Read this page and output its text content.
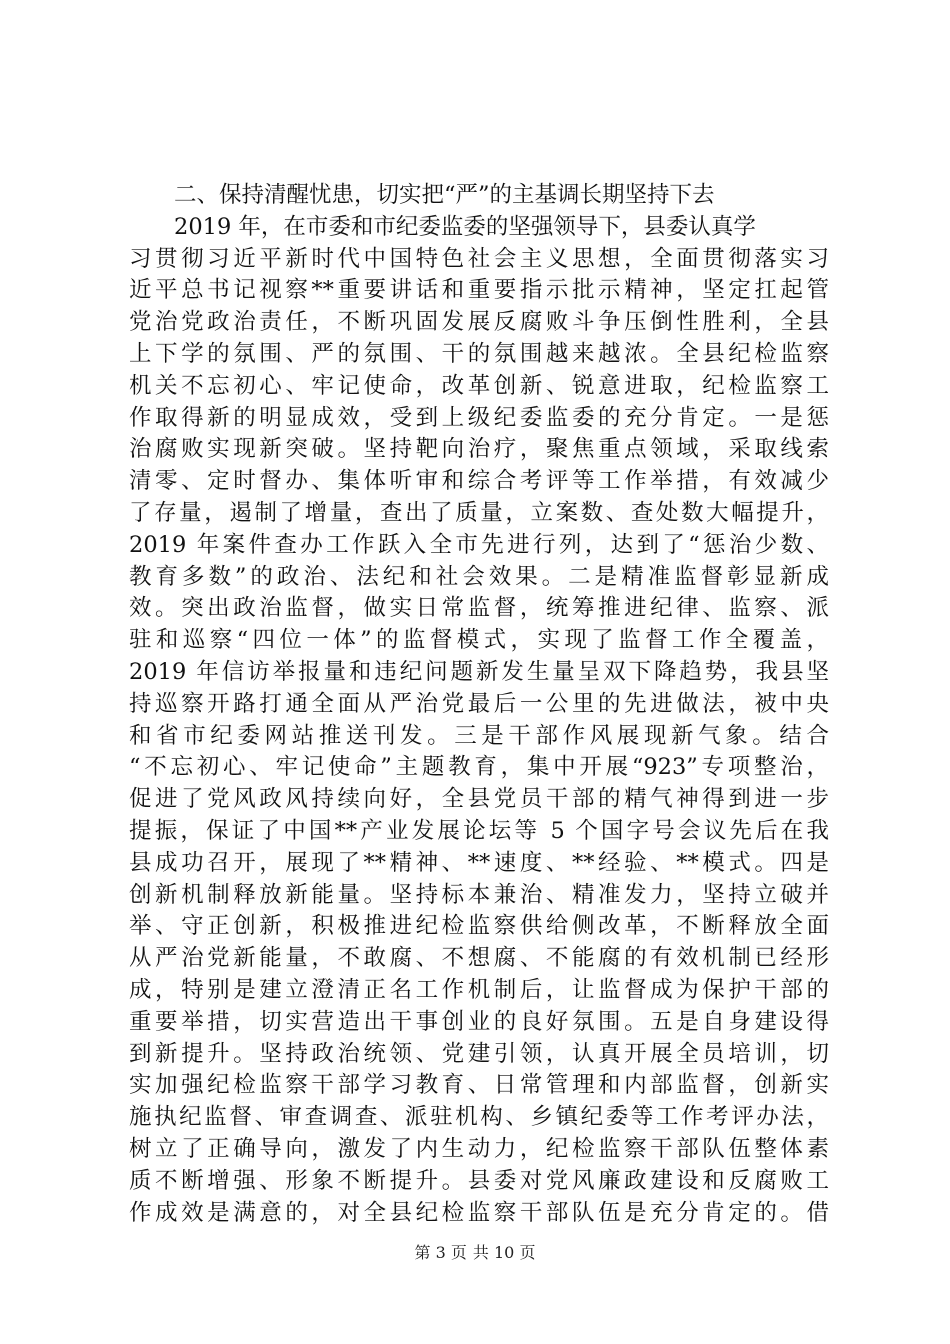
二、保持清醒忧患，切实把“严”的主基调长期坚持下去
2019 年，在市委和市纪委监委的坚强领导下，县委认真学
习贯彻习近平新时代中国特色社会主义思想，全面贯彻落实习
近平总书记视察**重要讲话和重要指示批示精神，坚定扛起管
党治党政治责任，不断巩固发展反腐败斗争压倒性胜利，全县
上下学的氛围、严的氛围、干的氛围越来越浓。全县纪检监察
机关不忘初心、牢记使命，改革创新、锐意进取，纪检监察工
作取得新的明显成效，受到上级纪委监委的充分肯定。一是惩
治腐败实现新突破。坚持靶向治疗，聚焦重点领域，采取线索
清零、定时督办、集体听审和综合考评等工作举措，有效减少
了存量，遏制了增量，查出了质量，立案数、查处数大幅提升，
2019 年案件查办工作跃入全市先进行列，达到了“惩治少数、
教育多数”的政治、法纪和社会效果。二是精准监督彰显新成
效。突出政治监督，做实日常监督，统筹推进纪律、监察、派
驻和巡察“四位一体”的监督模式，实现了监督工作全覆盖，
2019 年信访举报量和违纪问题新发生量呈双下降趋势，我县坚
持巡察开路打通全面从严治党最后一公里的先进做法，被中央
和省市纪委网站推送刊发。三是干部作风展现新气象。结合
“不忘初心、牢记使命”主题教育，集中开展“923”专项整治，
促进了党风政风持续向好，全县党员干部的精气神得到进一步
提振，保证了中国**产业发展论坛等 5 个国字号会议先后在我
县成功召开，展现了**精神、**速度、**经验、**模式。四是
创新机制释放新能量。坚持标本兼治、精准发力，坚持立破并
举、守正创新，积极推进纪检监察供给侧改革，不断释放全面
从严治党新能量，不敢腐、不想腐、不能腐的有效机制已经形
成，特别是建立澄清正名工作机制后，让监督成为保护干部的
重要举措，切实营造出干事创业的良好氛围。五是自身建设得
到新提升。坚持政治统领、党建引领，认真开展全员培训，切
实加强纪检监察干部学习教育、日常管理和内部监督，创新实
施执纪监督、审查调查、派驻机构、乡镇纪委等工作考评办法，
树立了正确导向，激发了内生动力，纪检监察干部队伍整体素
质不断增强、形象不断提升。县委对党风廉政建设和反腐败工
作成效是满意的，对全县纪检监察干部队伍是充分肯定的。借
第 3 页 共 10 页
